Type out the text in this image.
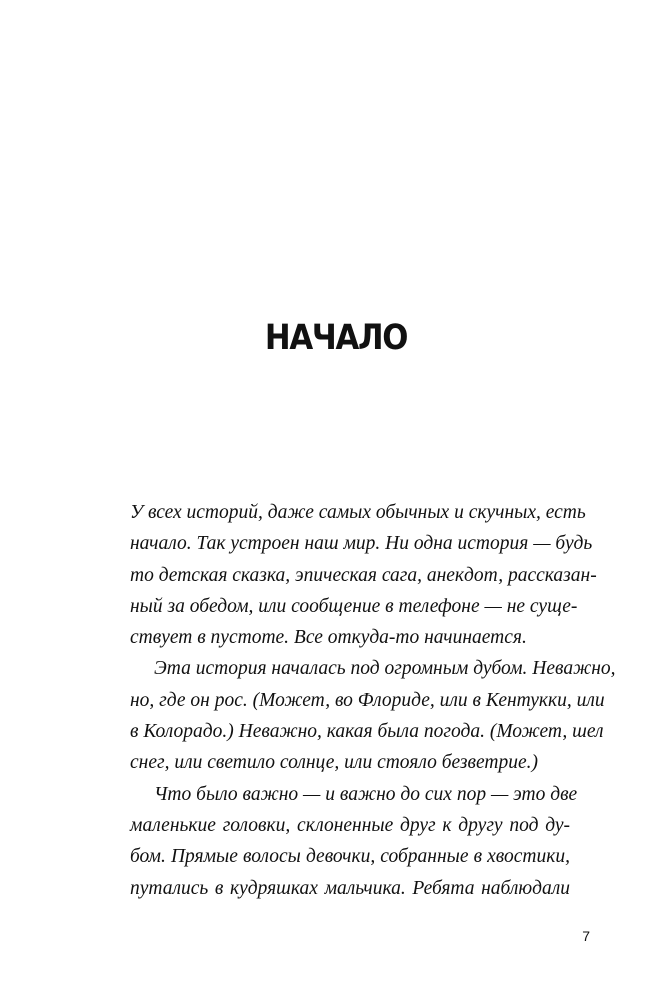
НАЧАЛО
У всех историй, даже самых обычных и скучных, есть
начало. Так устроен наш мир. Ни одна история — будь
то детская сказка, эпическая сага, анекдот, рассказан-
ный за обедом, или сообщение в телефоне — не суще-
ствует в пустоте. Все откуда-то начинается.
Эта история началась под огромным дубом. Неважно,
но, где он рос. (Может, во Флориде, или в Кентукки, или
в Колорадо.) Неважно, какая была погода. (Может, шел
снег, или светило солнце, или стояло безветрие.)
Что было важно — и важно до сих пор — это две
маленькие головки, склоненные друг к другу под ду-
бом. Прямые волосы девочки, собранные в хвостики,
путались в кудряшках мальчика. Ребята наблюдали
7
